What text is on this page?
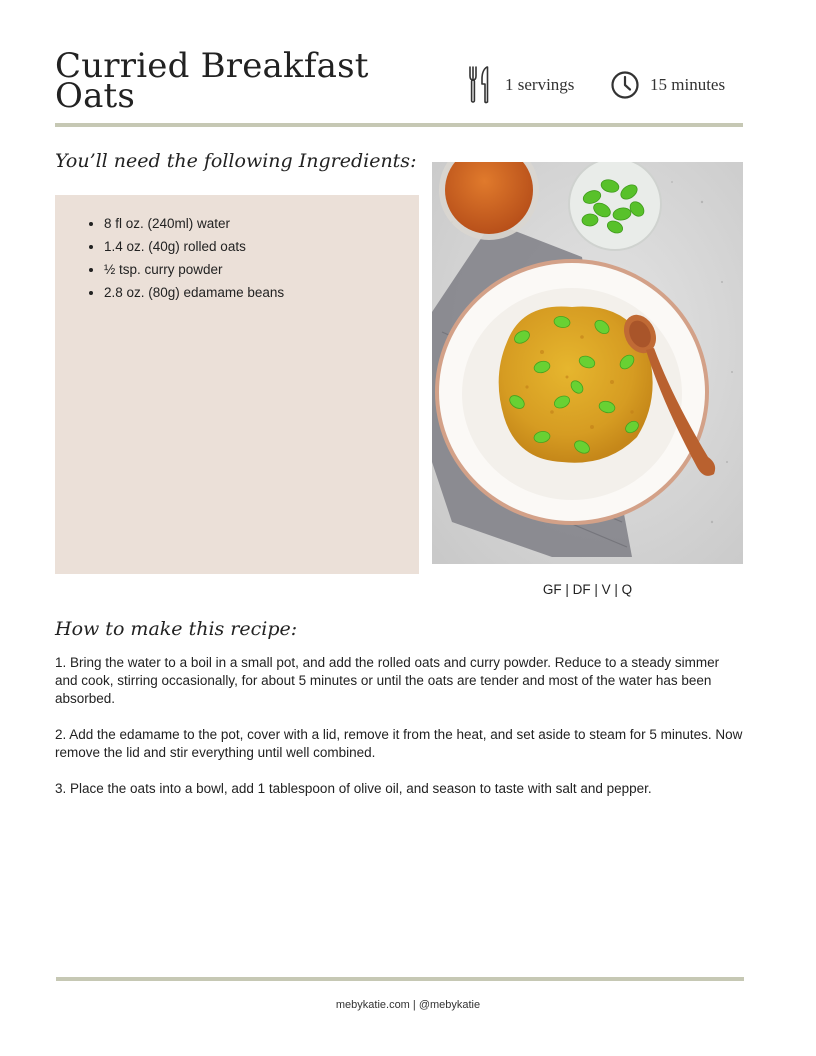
Curried Breakfast Oats	1 servings	15 minutes
You’ll need the following Ingredients:
• 8 fl oz. (240ml) water
• 1.4 oz. (40g) rolled oats
• ½ tsp. curry powder
• 2.8 oz. (80g) edamame beans
GF | DF | V | Q
How to make this recipe:

1. Bring the water to a boil in a small pot, and add the rolled oats and curry powder. Reduce to a steady simmer and cook, stirring occasionally, for about 5 minutes or until the oats are tender and most of the water has been absorbed.

2. Add the edamame to the pot, cover with a lid, remove it from the heat, and set aside to steam for 5 minutes. Now remove the lid and stir everything until well combined.

3. Place the oats into a bowl, add 1 tablespoon of olive oil, and season to taste with salt and pepper.

mebykatie.com | @mebykatie
